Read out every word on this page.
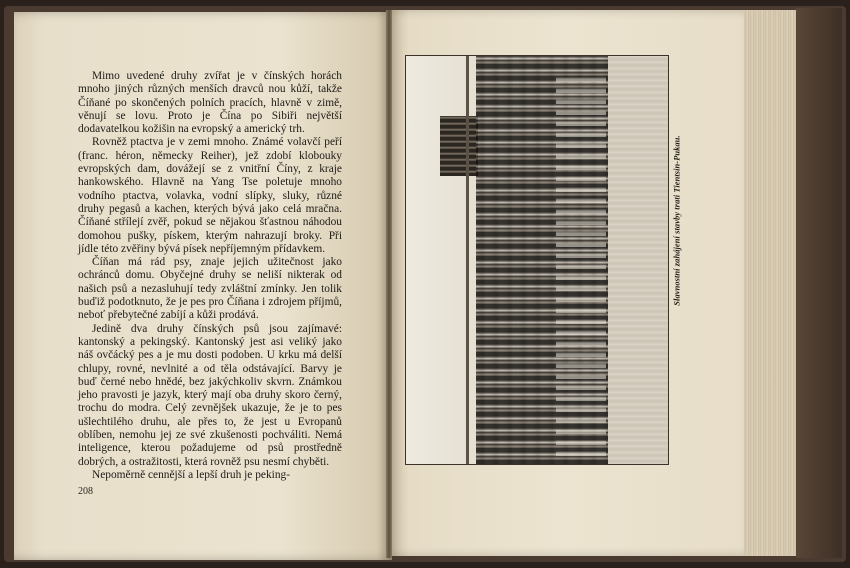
Mimo uvedené druhy zvířat je v čínských horách mnoho jiných různých menších dravců nou kůží, takže Číňané po skončených polních pracích, hlavně v zimě, věnují se lovu. Proto je Čína po Sibiři největší dodavatelkou kožišin na evropský a americký trh.

Rovněž ptactva je v zemi mnoho. Známé volavčí peří (franc. héron, německy Reiher), jež zdobí klobouky evropských dam, dovážejí se z vnitřní Číny, z kraje hankowského. Hlavně na Yang Tse poletuje mnoho vodního ptactva, volavka, vodní slípky, sluky, různé druhy pegasů a kachen, kterých bývá jako celá mračna. Číňané střílejí zvěř, pokud se nějakou šťastnou náhodou domohou pušky, pískem, kterým nahrazují broky. Při jídle této zvěřiny bývá písek nepříjemným přídavkem.

Číňan má rád psy, znaje jejich užitečnost jako ochránců domu. Obyčejné druhy se neliší nikterak od našich psů a nezasluhují tedy zvláštní zmínky. Jen tolik buďiž podotknuto, že je pes pro Číňana i zdrojem příjmů, neboť přebytečné zabíjí a kůži prodává.

Jedině dva druhy čínských psů jsou zajímavé: kantonský a pekingský. Kantonský jest asi veliký jako náš ovčácký pes a je mu dosti podoben. U krku má delší chlupy, rovné, nevlnité a od těla odstávající. Barvy je buď černé nebo hnědé, bez jakýchkoliv skvrn. Známkou jeho pravosti je jazyk, který mají oba druhy skoro černý, trochu do modra. Celý zevnějšek ukazuje, že je to pes ušlechtilého druhu, ale přes to, že jest u Evropanů oblíben, nemohu jej ze své zkušenosti pochváliti. Nemá inteligence, kterou požadujeme od psů prostředně dobrých, a ostražitosti, která rovněž psu nesmí chyběti.

Nepoměrně cennější a lepší druh je peking-

208
Slavnostní zahájení stavby trati Tientsin-Pukau.
